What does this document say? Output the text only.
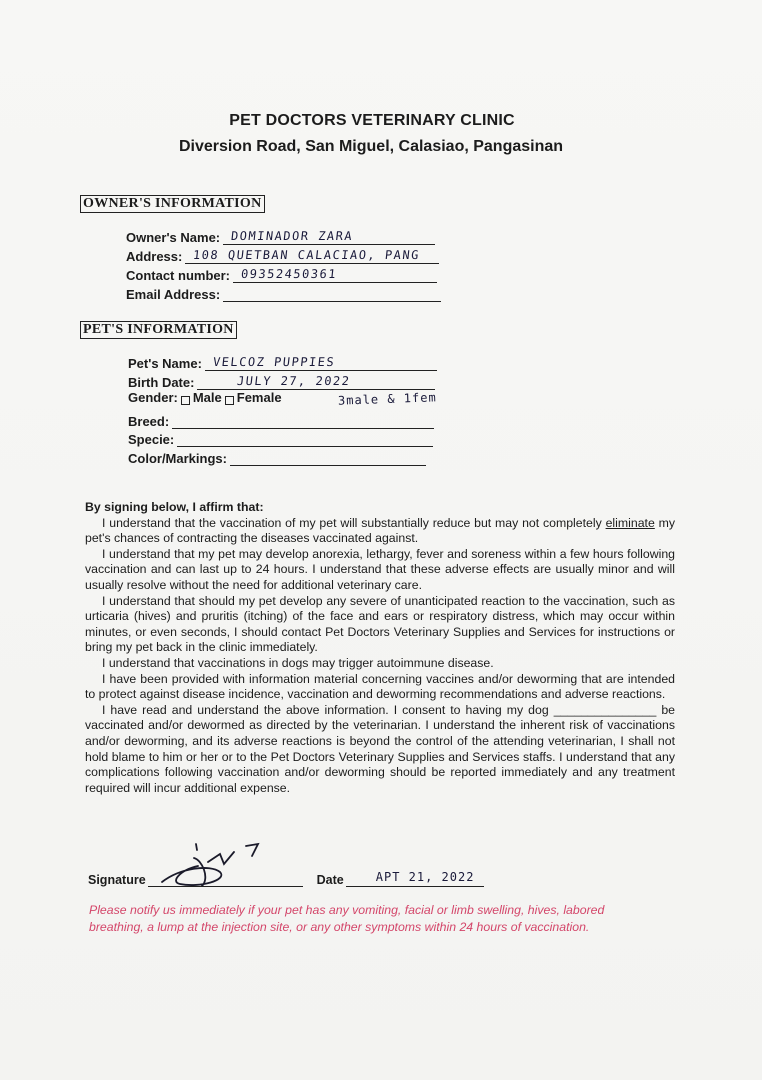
PET DOCTORS VETERINARY CLINIC
Diversion Road, San Miguel, Calasiao, Pangasinan
OWNER'S INFORMATION
Owner's Name: DOMINADOR ZARA
Address: 108 QUETBAN CALACIAO, PANG
Contact number: 09352450361
Email Address:
PET'S INFORMATION
Pet's Name: VELCOZ PUPPIES
Birth Date:	JULY 27, 2022
Gender: Male Female	3male & 1fem
Breed:
Specie:
Color/Markings:
By signing below, I affirm that:

I understand that the vaccination of my pet will substantially reduce but may not completely eliminate my pet's chances of contracting the diseases vaccinated against.

I understand that my pet may develop anorexia, lethargy, fever and soreness within a few hours following vaccination and can last up to 24 hours. I understand that these adverse effects are usually minor and will usually resolve without the need for additional veterinary care.

I understand that should my pet develop any severe of unanticipated reaction to the vaccination, such as urticaria (hives) and pruritis (itching) of the face and ears or respiratory distress, which may occur within minutes, or even seconds, I should contact Pet Doctors Veterinary Supplies and Services for instructions or bring my pet back in the clinic immediately.

I understand that vaccinations in dogs may trigger autoimmune disease.

I have been provided with information material concerning vaccines and/or deworming that are intended to protect against disease incidence, vaccination and deworming recommendations and adverse reactions.

I have read and understand the above information. I consent to having my dog _______________ be vaccinated and/or dewormed as directed by the veterinarian. I understand the inherent risk of vaccinations and/or deworming, and its adverse reactions is beyond the control of the attending veterinarian, I shall not hold blame to him or her or to the Pet Doctors Veterinary Supplies and Services staffs. I understand that any complications following vaccination and/or deworming should be reported immediately and any treatment required will incur additional expense.

Signature	Date	APT 21, 2022
Please notify us immediately if your pet has any vomiting, facial or limb swelling, hives, labored breathing, a lump at the injection site, or any other symptoms within 24 hours of vaccination.
